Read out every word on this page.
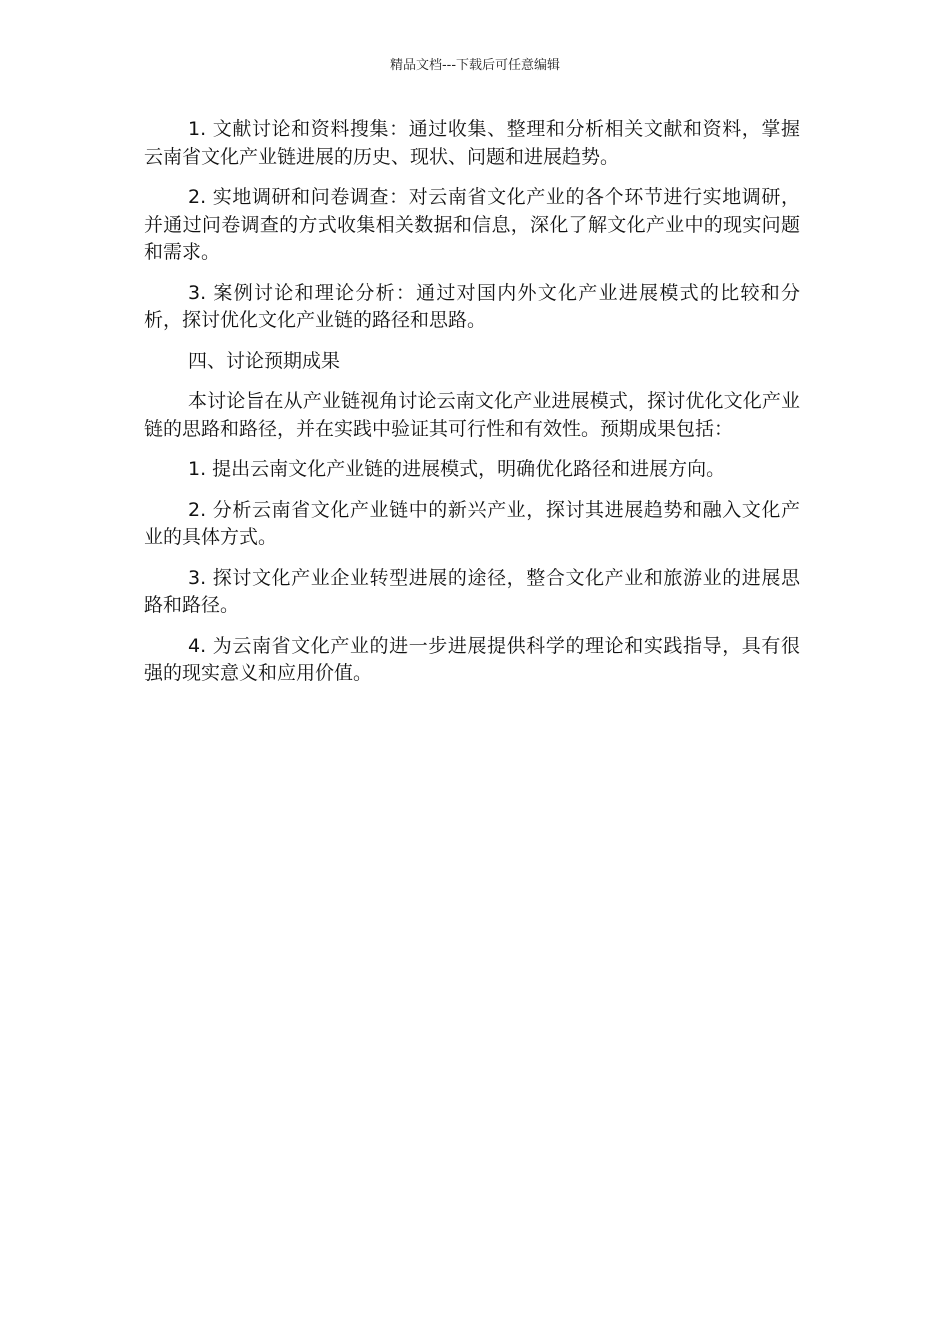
精品文档---下载后可任意编辑

1. 文献讨论和资料搜集：通过收集、整理和分析相关文献和资料，掌握云南省文化产业链进展的历史、现状、问题和进展趋势。

2. 实地调研和问卷调查：对云南省文化产业的各个环节进行实地调研，并通过问卷调查的方式收集相关数据和信息，深化了解文化产业中的现实问题和需求。

3. 案例讨论和理论分析：通过对国内外文化产业进展模式的比较和分析，探讨优化文化产业链的路径和思路。

四、讨论预期成果

本讨论旨在从产业链视角讨论云南文化产业进展模式，探讨优化文化产业链的思路和路径，并在实践中验证其可行性和有效性。预期成果包括：

1. 提出云南文化产业链的进展模式，明确优化路径和进展方向。

2. 分析云南省文化产业链中的新兴产业，探讨其进展趋势和融入文化产业的具体方式。

3. 探讨文化产业企业转型进展的途径，整合文化产业和旅游业的进展思路和路径。

4. 为云南省文化产业的进一步进展提供科学的理论和实践指导，具有很强的现实意义和应用价值。
